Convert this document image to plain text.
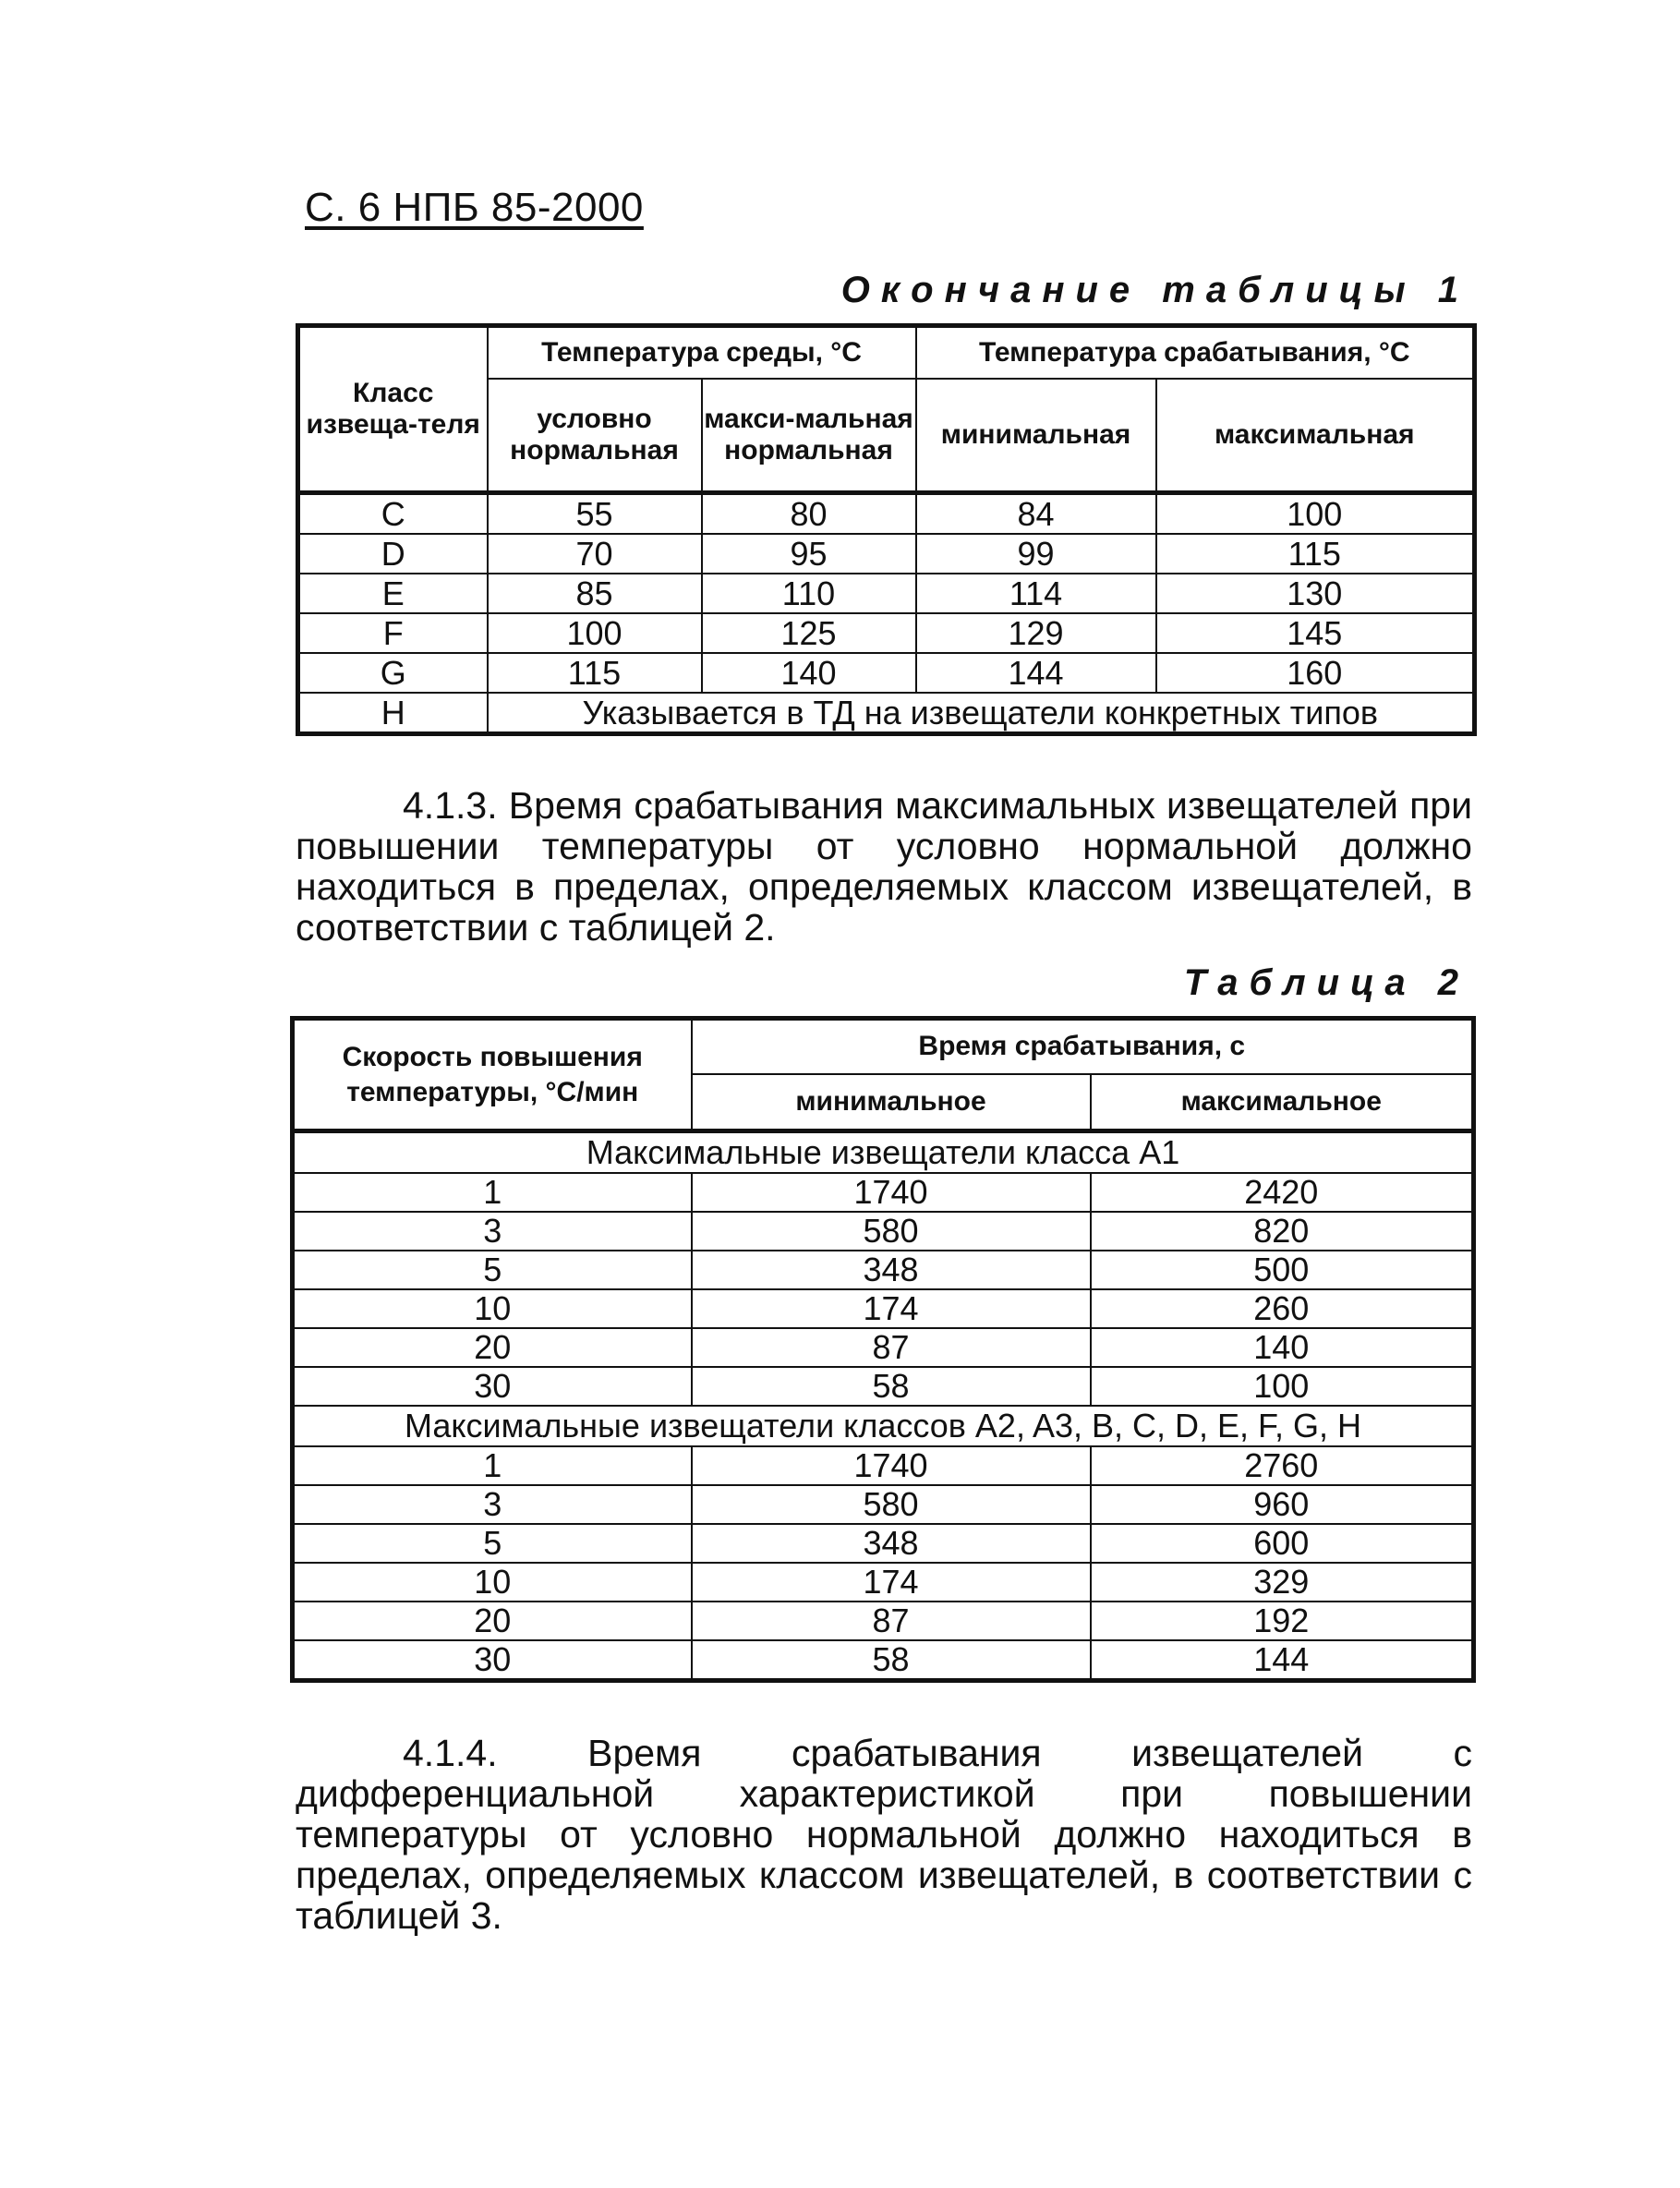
С. 6 НПБ 85-2000
Окончание таблицы 1
Класс извеща-теля	Температура среды, °С		Температура срабатывания, °С	
	условно нормальная	макси-мальная нормальная	минимальная	максимальная
C	55	80	84	100
D	70	95	99	115
E	85	110	114	130
F	100	125	129	145
G	115	140	144	160
H	Указывается в ТД на извещатели конкретных типов			
4.1.3. Время срабатывания максимальных извещателей при повышении температуры от условно нормальной должно находиться в пределах, определяемых классом извещателей, в соответствии с таблицей 2.
Таблица 2
Скорость повышения температуры, °С/мин	Время срабатывания, с	
	минимальное	максимальное
Максимальные извещатели класса A1		
1	1740	2420
3	580	820
5	348	500
10	174	260
20	87	140
30	58	100
Максимальные извещатели классов A2, A3, B, C, D, E, F, G, H		
1	1740	2760
3	580	960
5	348	600
10	174	329
20	87	192
30	58	144
4.1.4. Время срабатывания извещателей с дифференциальной характеристикой при повышении температуры от условно нормальной должно находиться в пределах, определяемых классом извещателей, в соответствии с таблицей 3.
